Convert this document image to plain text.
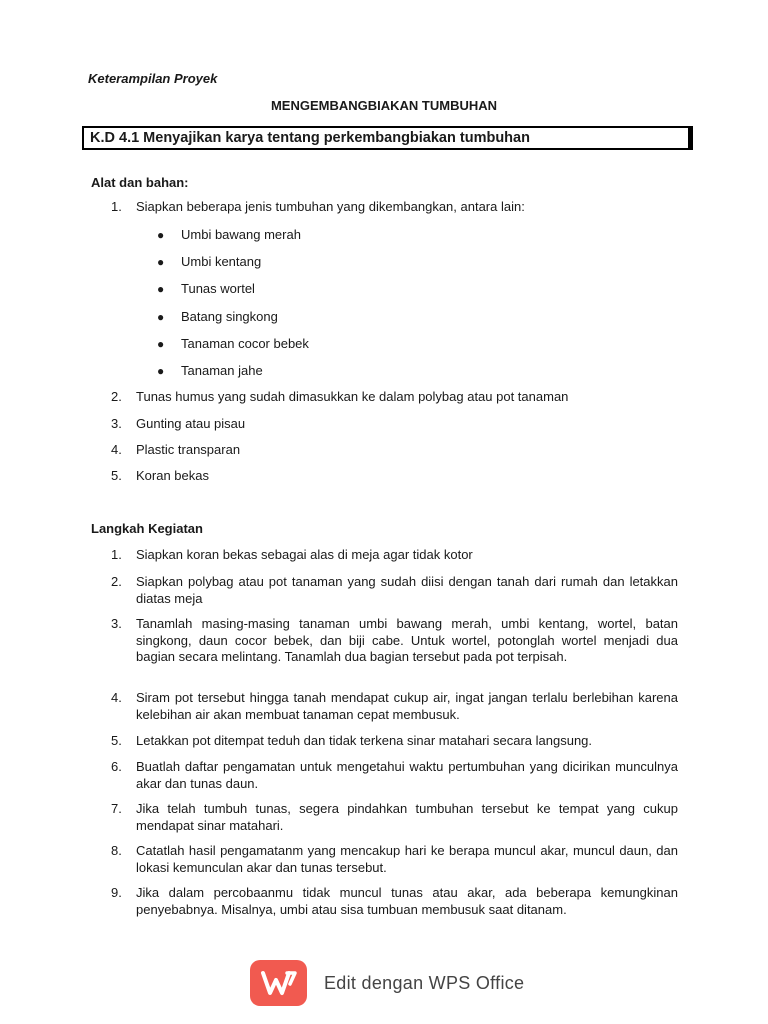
Keterampilan Proyek
MENGEMBANGBIAKAN TUMBUHAN
K.D 4.1 Menyajikan karya tentang perkembangbiakan tumbuhan
Alat dan bahan:
1.	Siapkan beberapa jenis tumbuhan yang dikembangkan, antara lain:
●	Umbi bawang merah
●	Umbi kentang
●	Tunas wortel
●	Batang singkong
●	Tanaman cocor bebek
●	Tanaman jahe
2.	Tunas humus yang sudah dimasukkan ke dalam polybag atau pot tanaman
3.	Gunting atau pisau
4.	Plastic transparan
5.	Koran bekas
Langkah Kegiatan
1.	Siapkan koran bekas sebagai alas di meja agar tidak kotor
2.	Siapkan polybag atau pot tanaman yang sudah diisi dengan tanah dari rumah dan letakkan diatas meja
3.	Tanamlah masing-masing tanaman umbi bawang merah, umbi kentang, wortel, batan singkong, daun cocor bebek, dan biji cabe. Untuk wortel, potonglah wortel menjadi dua bagian secara melintang. Tanamlah dua bagian tersebut pada pot terpisah.
4.	Siram pot tersebut hingga tanah mendapat cukup air, ingat jangan terlalu berlebihan karena kelebihan air akan membuat tanaman cepat membusuk.
5.	Letakkan pot ditempat teduh dan tidak terkena sinar matahari secara langsung.
6.	Buatlah daftar pengamatan untuk mengetahui waktu pertumbuhan yang dicirikan munculnya akar dan tunas daun.
7.	Jika telah tumbuh tunas, segera pindahkan tumbuhan tersebut ke tempat yang cukup mendapat sinar matahari.
8.	Catatlah hasil pengamatanm yang mencakup hari ke berapa muncul akar, muncul daun, dan lokasi kemunculan akar dan tunas tersebut.
9.	Jika dalam percobaanmu tidak muncul tunas atau akar, ada beberapa kemungkinan penyebabnya. Misalnya, umbi atau sisa tumbuan membusuk saat ditanam.
Edit dengan WPS Office
